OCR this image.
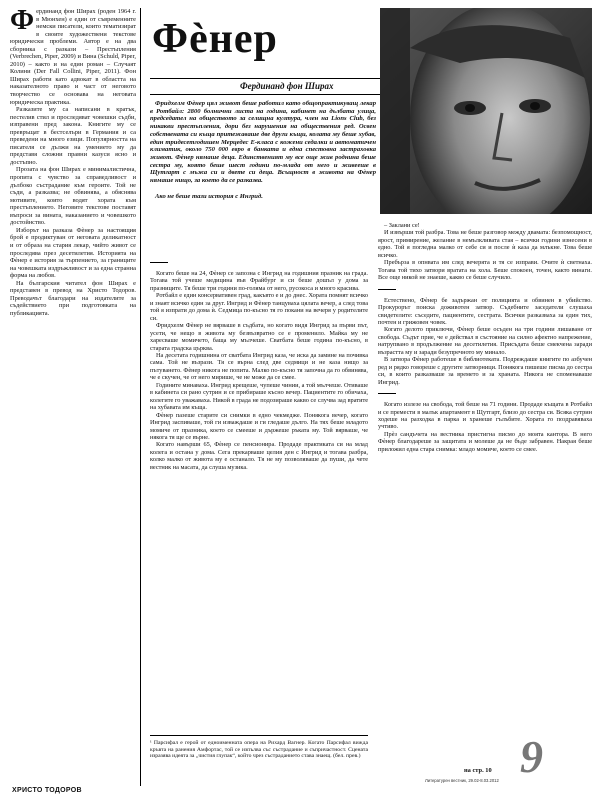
Фердинанд фон Ширах (роден 1964 г. в Мюнхен) е един от съвременните немски писатели, които тематизират в своите художествени текстове юридически проблеми. Автор е на два сборника с разкази – Престъпления (Verbrechen, Piper, 2009) и Вина (Schuld, Piper, 2010) – както и на един роман – Случаят Колини (Der Fall Collini, Piper, 2011). Фон Ширах работи като адвокат в областта на наказателното право и част от неговото творчество се основава на неговата юридическа практика.

Разказите му са написани в кратък, пестелив стил и проследяват човешки съдби, изправени пред закона. Книгите му се превръщат в бестселъри в Германия и са преведени на много езици. Популярността на писателя се дължи на умението му да представя сложни правни казуси ясно и достъпно.

Прозата на фон Ширах е минималистична, пропита с чувство за справедливост и дълбоко състрадание към героите. Той не съди, а разказва; не обвинява, а обяснява мотивите, които водят хората към престъплението. Неговите текстове поставят въпроси за вината, наказанието и човешкото достойнство.

Изборът на разказа Фѐнер за настоящия брой е продиктуван от неговата деликатност и от образа на стария лекар, чийто живот се проследява през десетилетия. Историята на Фѐнер е история за търпението, за границите на човешката издръжливост и за една странна форма на любов.

На българския читател фон Ширах е представен в превод на Христо Тодоров. Преводачът благодари на издателите за съдействието при подготовката на публикацията.

ХРИСТО ТОДОРОВ
Фѐнер
Фердинанд фон Ширах

Фридхелм Фѐнер цял живот беше работил като общопрактикуващ лекар в Ротбайл: 2800 болнични листа на година, кабинет на дълбата улица, председател на обществото за селищна култура, член на Lions Club, без никакви престъпления, дори без нарушения на обществения ред. Освен собствената си къща притежаваше две други къщи, колата му беше хубав, един тридесетгодишен Мерцедес Е-класа с кожени седалки и автоматичен климатик, около 750 000 евро в банката и една спестовна застраховка живот. Фѐнер нямаше деца. Единственият му все още жив роднина беше сестра му, която беше шест години по-млада от него и живееше в Щутгарт с мъжа си и двете си деца. Всъщност в живота на Фѐнер нямаше нищо, за което да се разказва.

Ако не беше тази история с Ингрид.

Когато беше на 24, Фѐнер се запозна с Ингрид на годишния празник на града. Тогава той учеше медицина във Фрайбург и си беше дошъл у дома за празниците. Тя беше три години по-голяма от него, русокоса и много красива.

Ротбайл е един консервативен град, какъвто е и до днес. Хората помнят всичко и знаят всичко един за друг. Ингрид и Фѐнер танцуваха цялата вечер, а след това той я изпрати до дома ѝ. Седмица по-късно тя го покани на вечеря у родителите си.

Фридхелм Фѐнер не вярваше в съдбата, но когато видя Ингрид за първи път, усети, че нещо в живота му безвъзвратно се е променило. Майка му не харесваше момичето, баща му мълчеше. Сватбата беше година по-късно, в старата градска църква.

На десетата годишнина от сватбата Ингрид каза, че иска да замине на почивка сама. Той не възрази. Тя се върна след две седмици и не каза нищо за пътуването. Фѐнер никога не попита. Малко по-късно тя започна да го обвинява, че е скучен, че от него мирише, че не може да се смее.

Годините минаваха. Ингрид крещеше, чупеше чинии, а той мълчеше. Отиваше в кабинета си рано сутрин и се прибираше късно вечер. Пациентите го обичаха, колегите го уважаваха. Никой в града не подозираше какво се случва зад вратите на хубавата им къща.

Фѐнер пазеше старите си снимки в едно чекмедже. Понякога вечер, когато Ингрид заспиваше, той ги изваждаше и ги гледаше дълго. На тях беше младото момиче от празника, което се смееше и държеше ръката му. Той вярваше, че някога тя ще се върне.

Когато навърши 65, Фѐнер се пенсионира. Продаде практиката си на млад колега и остана у дома. Сега прекарваше целия ден с Ингрид и тогава разбра, колко малко от живота му е останало. Тя не му позволяваше да пуши, да чете вестник на масата, да слуша музика.

¹ Парсифал е герой от едноименната опера на Рихард Вагнер. Когато Парсифал вижда кръвта на ранения Амфортас, той се изпълва със състрадание и съпричастност. Сцената изразява идеята за „чистия глупак“, който чрез състраданието става знаещ. (бел. прев.)

– Заклани се!

И извърши той разбра. Това не беше разговор между двамата: безпомощност, ярост, примирение, желание в немълкливата стая – всички години изнесени в едно. Той я погледна малко от себе си и после ѝ каза да млъкне. Това беше всичко.

Пребърза в опнвата им след вечерята и тя се изправи. Очите ѝ светнаха. Тогава той тихо затвори вратата на хола. Беше спокоен, точен, както винаги. Все още никой не знаеше, какво се беше случило.

Естествено, Фѐнер бе задържан от полицията и обвинен в убийство. Прокурорът поиска доживотен затвор. Съдебните заседатели слушаха свидетелите: съседите, пациентите, сестрата. Всички разказваха за един тих, почтен и грижовен човек.

Когато делото приключи, Фѐнер беше осъден на три години лишаване от свобода. Съдът прие, че е действал в състояние на силно афектно напрежение, натрупвано в продължение на десетилетия. Присъдата беше смекчена заради възрастта му и заради безупречното му минало.

В затвора Фѐнер работеше в библиотеката. Подреждаше книгите по азбучен ред и рядко говореше с другите затворници. Понякога пишеше писма до сестра си, в които разказваше за времето и за храната. Никога не споменаваше Ингрид.

Когато излезе на свобода, той беше на 71 години. Продаде къщата в Ротбайл и се премести в малък апартамент в Щутгарт, близо до сестра си. Всяка сутрин ходеше на разходка в парка и хранеше гълъбите. Хората го поздравяваха учтиво.

Прѐз сандъчета на вестника пристигна писмо до моята кантора. В него Фѐнер благодареше за защитата и молеше да не бъде забравен. Накрая беше приложил една стара снимка: младо момиче, което се смее.

9
на стр. 10
Литературен вестник, 29.02-8.03.2012
